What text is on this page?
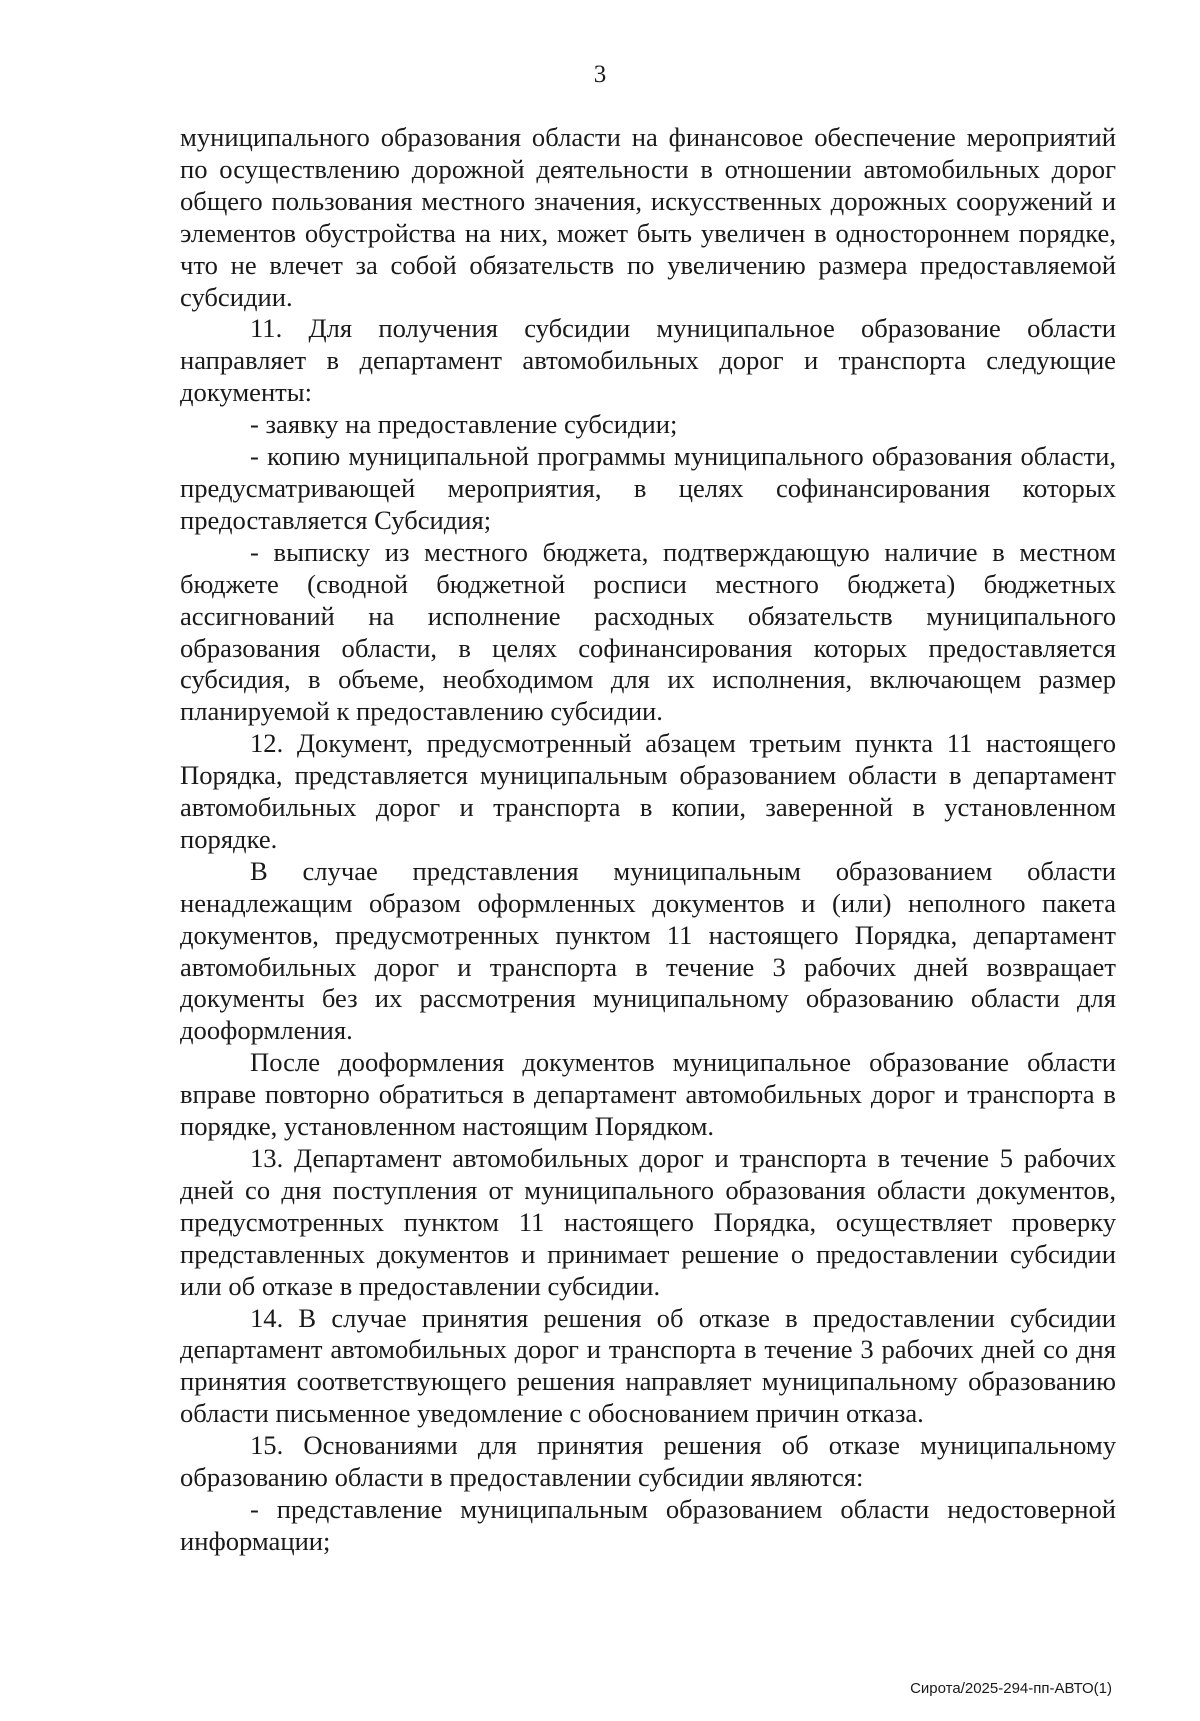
3

муниципального образования области на финансовое обеспечение мероприятий по осуществлению дорожной деятельности в отношении автомобильных дорог общего пользования местного значения, искусственных дорожных сооружений и элементов обустройства на них, может быть увеличен в одностороннем порядке, что не влечет за собой обязательств по увеличению размера предоставляемой субсидии.

11. Для получения субсидии муниципальное образование области направляет в департамент автомобильных дорог и транспорта следующие документы:

- заявку на предоставление субсидии;

- копию муниципальной программы муниципального образования области, предусматривающей мероприятия, в целях софинансирования которых предоставляется Субсидия;

- выписку из местного бюджета, подтверждающую наличие в местном бюджете (сводной бюджетной росписи местного бюджета) бюджетных ассигнований на исполнение расходных обязательств муниципального образования области, в целях софинансирования которых предоставляется субсидия, в объеме, необходимом для их исполнения, включающем размер планируемой к предоставлению субсидии.

12. Документ, предусмотренный абзацем третьим пункта 11 настоящего Порядка, представляется муниципальным образованием области в департамент автомобильных дорог и транспорта в копии, заверенной в установленном порядке.

В случае представления муниципальным образованием области ненадлежащим образом оформленных документов и (или) неполного пакета документов, предусмотренных пунктом 11 настоящего Порядка, департамент автомобильных дорог и транспорта в течение 3 рабочих дней возвращает документы без их рассмотрения муниципальному образованию области для дооформления.

После дооформления документов муниципальное образование области вправе повторно обратиться в департамент автомобильных дорог и транспорта в порядке, установленном настоящим Порядком.

13. Департамент автомобильных дорог и транспорта в течение 5 рабочих дней со дня поступления от муниципального образования области документов, предусмотренных пунктом 11 настоящего Порядка, осуществляет проверку представленных документов и принимает решение о предоставлении субсидии или об отказе в предоставлении субсидии.

14. В случае принятия решения об отказе в предоставлении субсидии департамент автомобильных дорог и транспорта в течение 3 рабочих дней со дня принятия соответствующего решения направляет муниципальному образованию области письменное уведомление с обоснованием причин отказа.

15. Основаниями для принятия решения об отказе муниципальному образованию области в предоставлении субсидии являются:

- представление муниципальным образованием области недостоверной информации;

Сирота/2025-294-пп-АВТО(1)
